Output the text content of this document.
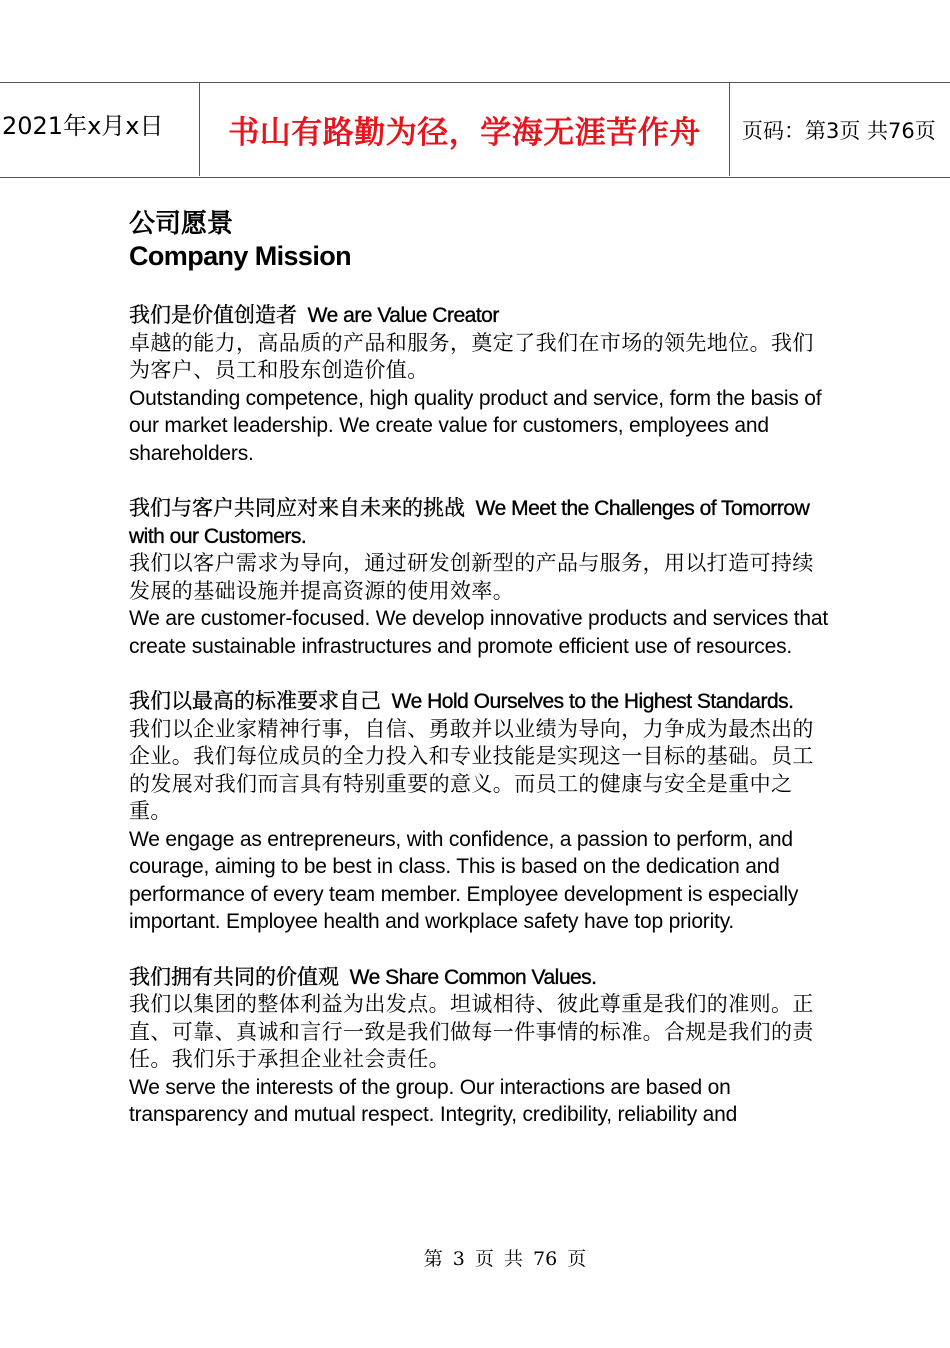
2021年x月x日	书山有路勤为径，学海无涯苦作舟	页码：第3页 共76页
公司愿景
Company Mission

我们是价值创造者 We are Value Creator

卓越的能力，高品质的产品和服务，奠定了我们在市场的领先地位。我们为客户、员工和股东创造价值。

Outstanding competence, high quality product and service, form the basis of our market leadership. We create value for customers, employees and shareholders.

我们与客户共同应对来自未来的挑战 We Meet the Challenges of Tomorrow with our Customers.

我们以客户需求为导向，通过研发创新型的产品与服务，用以打造可持续发展的基础设施并提高资源的使用效率。

We are customer-focused. We develop innovative products and services that create sustainable infrastructures and promote efficient use of resources.

我们以最高的标准要求自己 We Hold Ourselves to the Highest Standards.

我们以企业家精神行事，自信、勇敢并以业绩为导向，力争成为最杰出的企业。我们每位成员的全力投入和专业技能是实现这一目标的基础。员工的发展对我们而言具有特别重要的意义。而员工的健康与安全是重中之重。

We engage as entrepreneurs, with confidence, a passion to perform, and courage, aiming to be best in class. This is based on the dedication and performance of every team member. Employee development is especially important. Employee health and workplace safety have top priority.

我们拥有共同的价值观 We Share Common Values.

我们以集团的整体利益为出发点。坦诚相待、彼此尊重是我们的准则。正直、可靠、真诚和言行一致是我们做每一件事情的标准。合规是我们的责任。我们乐于承担企业社会责任。

We serve the interests of the group. Our interactions are based on transparency and mutual respect. Integrity, credibility, reliability and

第 3 页 共 76 页
